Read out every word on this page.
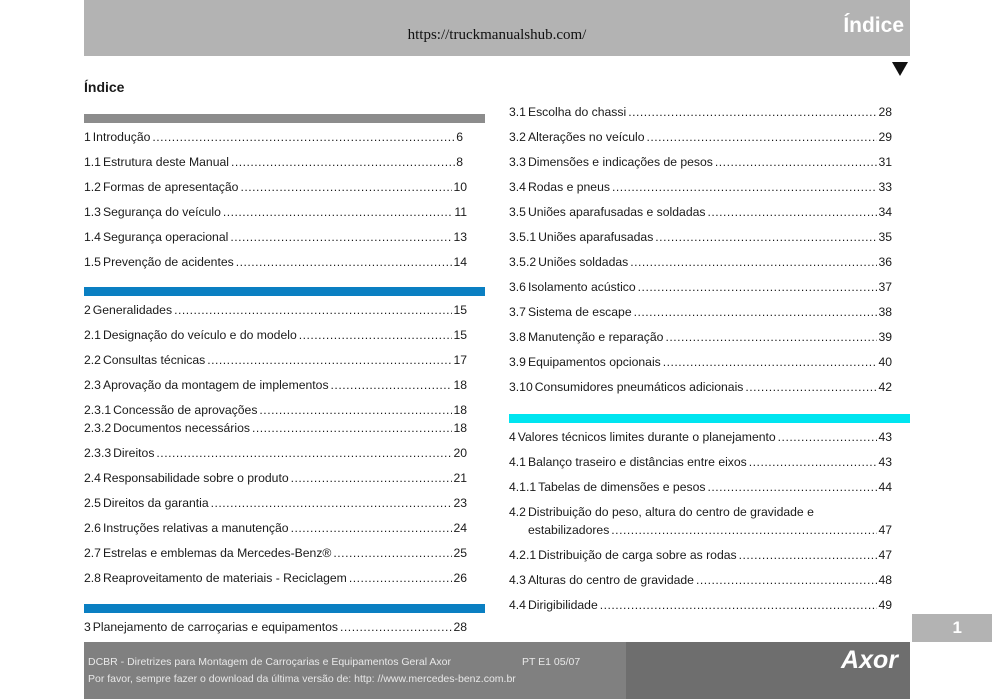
https://truckmanualshub.com/	Índice
Índice
1 Introdução .....	6
1.1 Estrutura deste Manual .....	8
1.2 Formas de apresentação .....	10
1.3 Segurança do veículo .....	11
1.4 Segurança operacional .....	13
1.5 Prevenção de acidentes .....	14
2 Generalidades .....	15
2.1 Designação do veículo e do modelo .....	15
2.2 Consultas técnicas .....	17
2.3 Aprovação da montagem de implementos .....	18
2.3.1 Concessão de aprovações .....	18
2.3.2 Documentos necessários .....	18
2.3.3 Direitos .....	20
2.4 Responsabilidade sobre o produto .....	21
2.5 Direitos da garantia .....	23
2.6 Instruções relativas a manutenção .....	24
2.7 Estrelas e emblemas da Mercedes-Benz® .....	25
2.8 Reaproveitamento de materiais - Reciclagem .....	26
3 Planejamento de carroçarias e equipamentos .....	28
3.1 Escolha do chassi .....	28
3.2 Alterações no veículo .....	29
3.3 Dimensões e indicações de pesos .....	31
3.4 Rodas e pneus .....	33
3.5 Uniões aparafusadas e soldadas .....	34
3.5.1 Uniões aparafusadas .....	35
3.5.2 Uniões soldadas .....	36
3.6 Isolamento acústico .....	37
3.7 Sistema de escape .....	38
3.8 Manutenção e reparação .....	39
3.9 Equipamentos opcionais .....	40
3.10 Consumidores pneumáticos adicionais .....	42
4 Valores técnicos limites durante o planejamento .....	43
4.1 Balanço traseiro e distâncias entre eixos .....	43
4.1.1 Tabelas de dimensões e pesos .....	44
4.2 Distribuição do peso, altura do centro de gravidade e
estabilizadores .....	47
4.2.1 Distribuição de carga sobre as rodas .....	47
4.3 Alturas do centro de gravidade .....	48
4.4 Dirigibilidade .....	49
1
DCBR - Diretrizes para Montagem de Carroçarias e Equipamentos Geral Axor	PT E1 05/07
Por favor, sempre fazer o download da última versão de: http: //www.mercedes-benz.com.br
Axor
